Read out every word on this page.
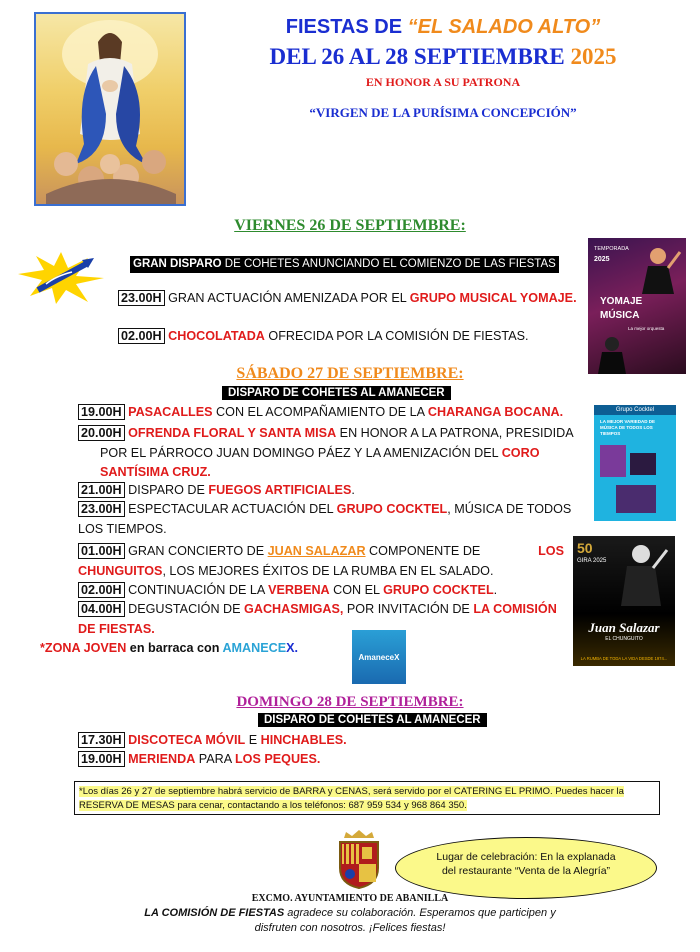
FIESTAS DE “EL SALADO ALTO”
DEL 26 AL 28 SEPTIEMBRE 2025
EN HONOR A SU PATRONA
“VIRGEN DE LA PURÍSIMA CONCEPCIÓN”
VIERNES 26 DE SEPTIEMBRE:
GRAN DISPARO DE COHETES ANUNCIANDO EL COMIENZO DE LAS FIESTAS
23.00H GRAN ACTUACIÓN AMENIZADA POR EL GRUPO MUSICAL YOMAJE.
02.00H CHOCOLATADA OFRECIDA POR LA COMISIÓN DE FIESTAS.
TEMPORADA
2025
YOMAJE
MÚSICA
La mejor orquesta
SÁBADO 27 DE SEPTIEMBRE:
DISPARO DE COHETES AL AMANECER
19.00H PASACALLES CON EL ACOMPAÑAMIENTO DE LA CHARANGA BOCANA.
20.00H OFRENDA FLORAL Y SANTA MISA EN HONOR A LA PATRONA, PRESIDIDA
POR EL PÁRROCO JUAN DOMINGO PÁEZ Y LA AMENIZACIÓN DEL CORO
SANTÍSIMA CRUZ.
21.00H DISPARO DE FUEGOS ARTIFICIALES.
23.00H ESPECTACULAR ACTUACIÓN DEL GRUPO COCKTEL, MÚSICA DE TODOS
LOS TIEMPOS.
01.00H GRAN CONCIERTO DE JUAN SALAZAR COMPONENTE DE	LOS
CHUNGUITOS, LOS MEJORES ÉXITOS DE LA RUMBA EN EL SALADO.
02.00H CONTINUACIÓN DE LA VERBENA CON EL GRUPO COCKTEL.
04.00H DEGUSTACIÓN DE GACHASMIGAS, POR INVITACIÓN DE LA COMISIÓN
DE FIESTAS.
*ZONA JOVEN en barraca con AMANECEX.
AmaneceX
Grupo Cocktel
LA MEJOR VARIEDAD DE MÚSICA DE TODOS LOS TIEMPOS
50
GIRA 2025
Juan Salazar
EL CHUNGUITO
LA RUMBA DE TODA LA VIDA DESDE 1974...
DOMINGO 28 DE SEPTIEMBRE:
DISPARO DE COHETES AL AMANECER
17.30H DISCOTECA MÓVIL E HINCHABLES.
19.00H MERIENDA PARA LOS PEQUES.
*Los días 26 y 27 de septiembre habrá servicio de BARRA y CENAS, será servido por el CATERING EL PRIMO. Puedes hacer la RESERVA DE MESAS para cenar, contactando a los teléfonos: 687 959 534 y 968 864 350.
Lugar de celebración: En la explanada
del restaurante “Venta de la Alegría”
EXCMO. AYUNTAMIENTO DE ABANILLA
LA COMISIÓN DE FIESTAS agradece su colaboración. Esperamos que participen y
disfruten con nosotros. ¡Felices fiestas!
